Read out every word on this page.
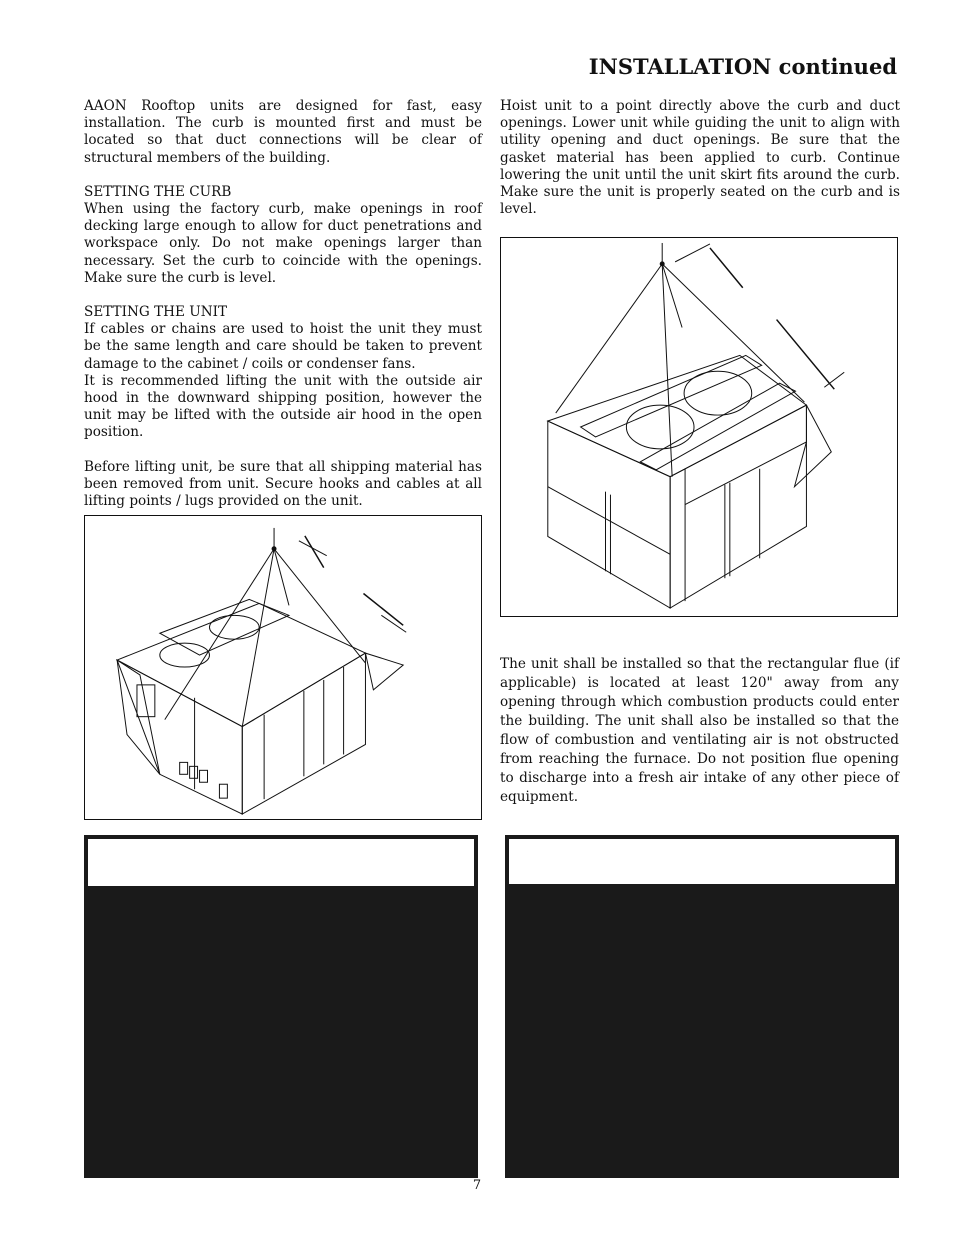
INSTALLATION continued

AAON Rooftop units are designed for fast, easy installation. The curb is mounted first and must be located so that duct connections will be clear of structural members of the building.

SETTING THE CURB

When using the factory curb, make openings in roof decking large enough to allow for duct penetrations and workspace only. Do not make openings larger than necessary. Set the curb to coincide with the openings. Make sure the curb is level.

SETTING THE UNIT

If cables or chains are used to hoist the unit they must be the same length and care should be taken to prevent damage to the cabinet / coils or condenser fans.

It is recommended lifting the unit with the outside air hood in the downward shipping position, however the unit may be lifted with the outside air hood in the open position.

Before lifting unit, be sure that all shipping material has been removed from unit. Secure hooks and cables at all lifting points / lugs provided on the unit.

Hoist unit to a point directly above the curb and duct openings. Lower unit while guiding the unit to align with utility opening and duct openings. Be sure that the gasket material has been applied to curb. Continue lowering the unit until the unit skirt fits around the curb. Make sure the unit is properly seated on the curb and is level.

The unit shall be installed so that the rectangular flue (if applicable) is located at least 120" away from any opening through which combustion products could enter the building. The unit shall also be installed so that the flow of combustion and ventilating air is not obstructed from reaching the furnace. Do not position flue opening to discharge into a fresh air intake of any other piece of equipment.

7
